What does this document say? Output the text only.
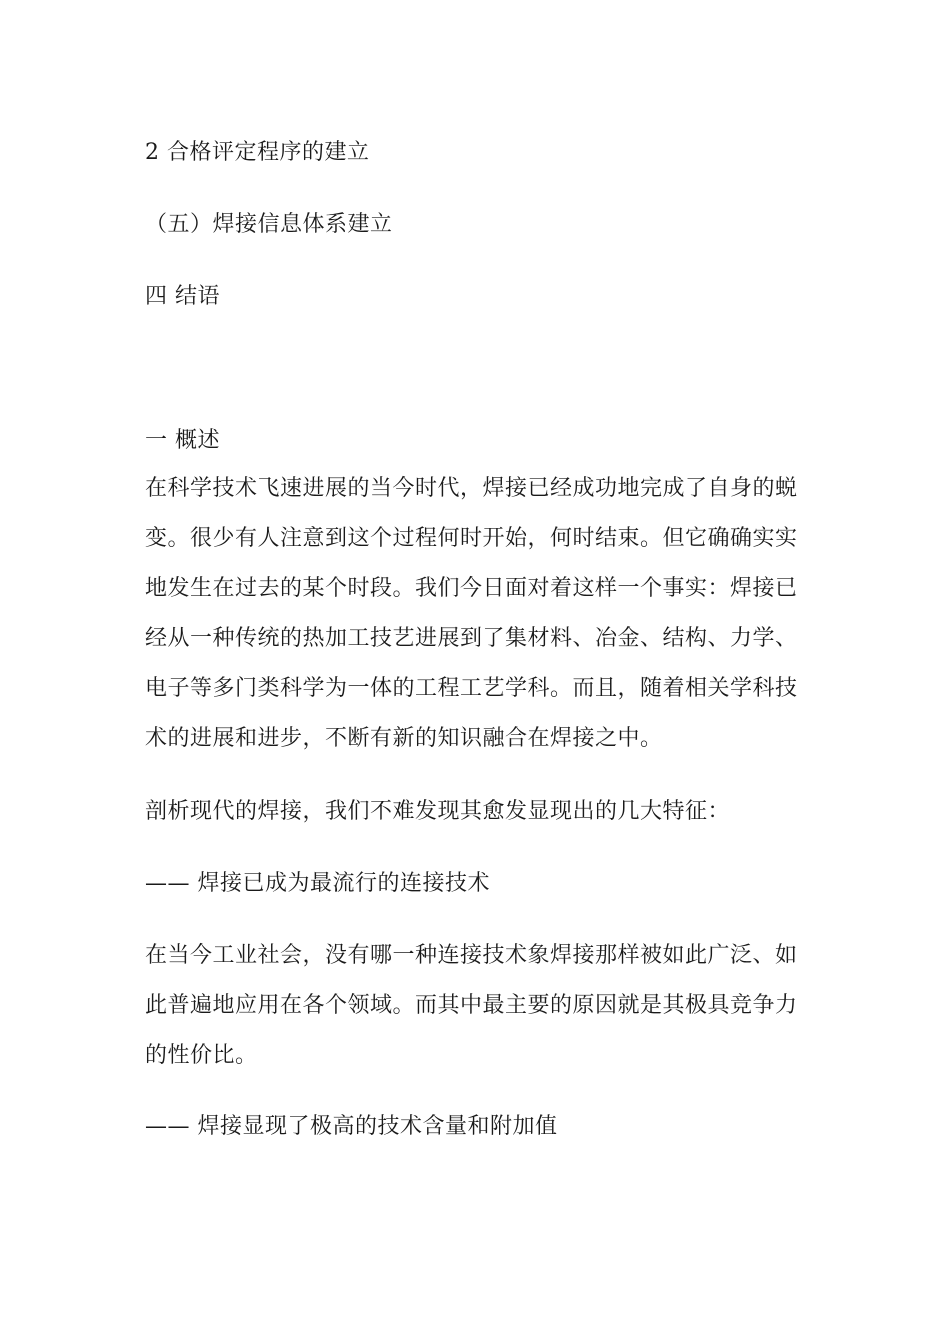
2 合格评定程序的建立
（五）焊接信息体系建立
四 结语
一 概述
在科学技术飞速进展的当今时代，焊接已经成功地完成了自身的蜕
变。很少有人注意到这个过程何时开始，何时结束。但它确确实实
地发生在过去的某个时段。我们今日面对着这样一个事实：焊接已
经从一种传统的热加工技艺进展到了集材料、冶金、结构、力学、
电子等多门类科学为一体的工程工艺学科。而且，随着相关学科技
术的进展和进步，不断有新的知识融合在焊接之中。
剖析现代的焊接，我们不难发现其愈发显现出的几大特征：
—— 焊接已成为最流行的连接技术
在当今工业社会，没有哪一种连接技术象焊接那样被如此广泛、如
此普遍地应用在各个领域。而其中最主要的原因就是其极具竞争力
的性价比。
—— 焊接显现了极高的技术含量和附加值
